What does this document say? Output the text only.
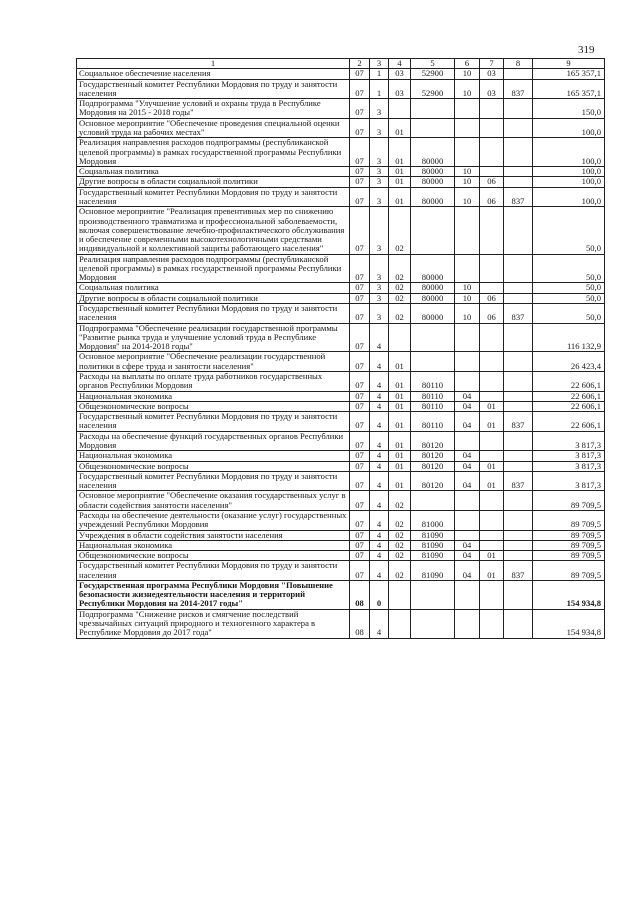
319
1	2	3	4	5	6	7	8	9
Социальное обеспечение населения	07	1	03	52900	10	03		165 357,1
Государственный комитет Республики Мордовия по труду и занятости населения	07	1	03	52900	10	03	837	165 357,1
Подпрограмма "Улучшение условий и охраны труда в Республике Мордовия на 2015 - 2018 годы"	07	3						150,0
Основное мероприятие "Обеспечение проведения специальной оценки условий труда на рабочих местах"	07	3	01					100,0
Реализация направления расходов подпрограммы (республиканской целевой программы) в рамках государственной программы Республики Мордовия	07	3	01	80000				100,0
Социальная политика	07	3	01	80000	10			100,0
Другие вопросы в области социальной политики	07	3	01	80000	10	06		100,0
Государственный комитет Республики Мордовия по труду и занятости населения	07	3	01	80000	10	06	837	100,0
Основное мероприятие "Реализация превентивных мер по снижению производственного травматизма и профессиональной заболеваемости, включая совершенствование лечебно-профилактического обслуживания и обеспечение современными высокотехнологичными средствами индивидуальной и коллективной защиты работающего населения"	07	3	02					50,0
Реализация направления расходов подпрограммы (республиканской целевой программы) в рамках государственной программы Республики Мордовия	07	3	02	80000				50,0
Социальная политика	07	3	02	80000	10			50,0
Другие вопросы в области социальной политики	07	3	02	80000	10	06		50,0
Государственный комитет Республики Мордовия по труду и занятости населения	07	3	02	80000	10	06	837	50,0
Подпрограмма "Обеспечение реализации государственной программы "Развитие рынка труда и улучшение условий труда в Республике Мордовия" на 2014-2018 годы"	07	4						116 132,9
Основное мероприятие "Обеспечение реализации государственной политики в сфере труда и занятости населения"	07	4	01					26 423,4
Расходы на выплаты по оплате труда работников государственных органов Республики Мордовия	07	4	01	80110				22 606,1
Национальная экономика	07	4	01	80110	04			22 606,1
Общеэкономические вопросы	07	4	01	80110	04	01		22 606,1
Государственный комитет Республики Мордовия по труду и занятости населения	07	4	01	80110	04	01	837	22 606,1
Расходы на обеспечение функций государственных органов Республики Мордовия	07	4	01	80120				3 817,3
Национальная экономика	07	4	01	80120	04			3 817,3
Общеэкономические вопросы	07	4	01	80120	04	01		3 817,3
Государственный комитет Республики Мордовия по труду и занятости населения	07	4	01	80120	04	01	837	3 817,3
Основное мероприятие "Обеспечение оказания государственных услуг в области содействия занятости населения"	07	4	02					89 709,5
Расходы на обеспечение деятельности (оказание услуг) государственных учреждений Республики Мордовия	07	4	02	81000				89 709,5
Учреждения в области содействия занятости населения	07	4	02	81090				89 709,5
Национальная экономика	07	4	02	81090	04			89 709,5
Общеэкономические вопросы	07	4	02	81090	04	01		89 709,5
Государственный комитет Республики Мордовия по труду и занятости населения	07	4	02	81090	04	01	837	89 709,5
Государственная программа Республики Мордовия "Повышение безопасности жизнедеятельности населения и территорий Республики Мордовия на 2014-2017 годы"	08	0						154 934,8
Подпрограмма "Снижение рисков и смягчение последствий чрезвычайных ситуаций природного и техногенного характера в Республике Мордовия до 2017 года"	08	4						154 934,8
